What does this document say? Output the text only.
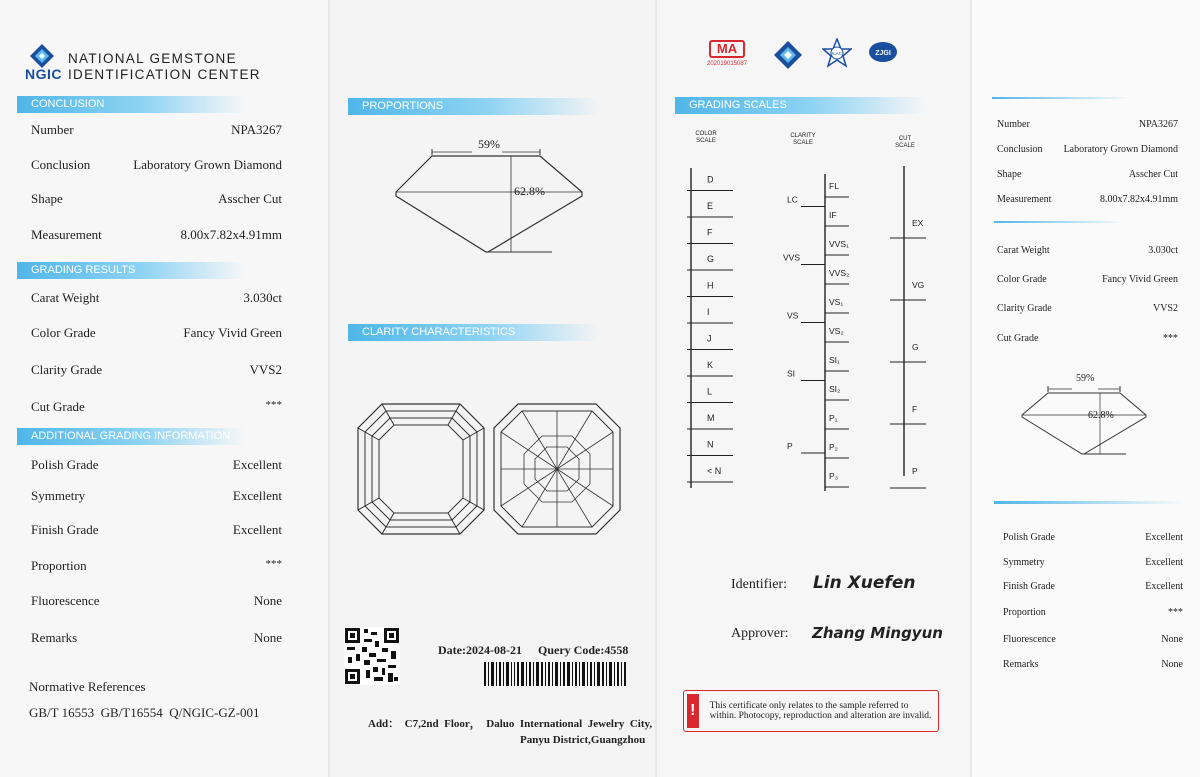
NATIONAL GEMSTONE
NGIC IDENTIFICATION CENTER
CONCLUSION
Number	NPA3267
Conclusion	Laboratory Grown Diamond
Shape	Asscher Cut
Measurement	8.00x7.82x4.91mm
GRADING RESULTS
Carat Weight	3.030ct
Color Grade	Fancy Vivid Green
Clarity Grade	VVS2
Cut Grade	***
ADDITIONAL GRADING INFORMATION
Polish Grade	Excellent
Symmetry	Excellent
Finish Grade	Excellent
Proportion	***
Fluorescence	None
Remarks	None
Normative References
GB/T 16553  GB/T16554  Q/NGIC-GZ-001
PROPORTIONS
59%
62.8%
CLARITY CHARACTERISTICS
Date:2024-08-21 Query Code:4558
Add：  C7,2nd  Floor，  Daluo  International  Jewelry  City,
Panyu District,Guangzhou
MA
202019015087
ILAC	ZJGI
GRADING SCALES
COLOR
SCALE
CLARITY
SCALE
CUT
SCALE
D
E
F
G
H
I
J
K
L
M
N
< N
FL
IF
VVS₁
VVS₂
VS₁
VS₂
SI₁
SI₂
P₁
P₂
P₃
LC
VVS
VS
SI
P
EX
VG
G
F
P
Identifier: Lin Xuefen
Approver: Zhang Mingyun
!	This certificate only relates to the sample referred to within. Photocopy, reproduction and alteration are invalid.
Number	NPA3267
Conclusion Laboratory Grown Diamond
Shape	Asscher Cut
Measurement	8.00x7.82x4.91mm
Carat Weight	3.030ct
Color Grade	Fancy Vivid Green
Clarity Grade	VVS2
Cut Grade	***
59%
62.8%
Polish Grade	Excellent
Symmetry	Excellent
Finish Grade	Excellent
Proportion	***
Fluorescence	None
Remarks	None
